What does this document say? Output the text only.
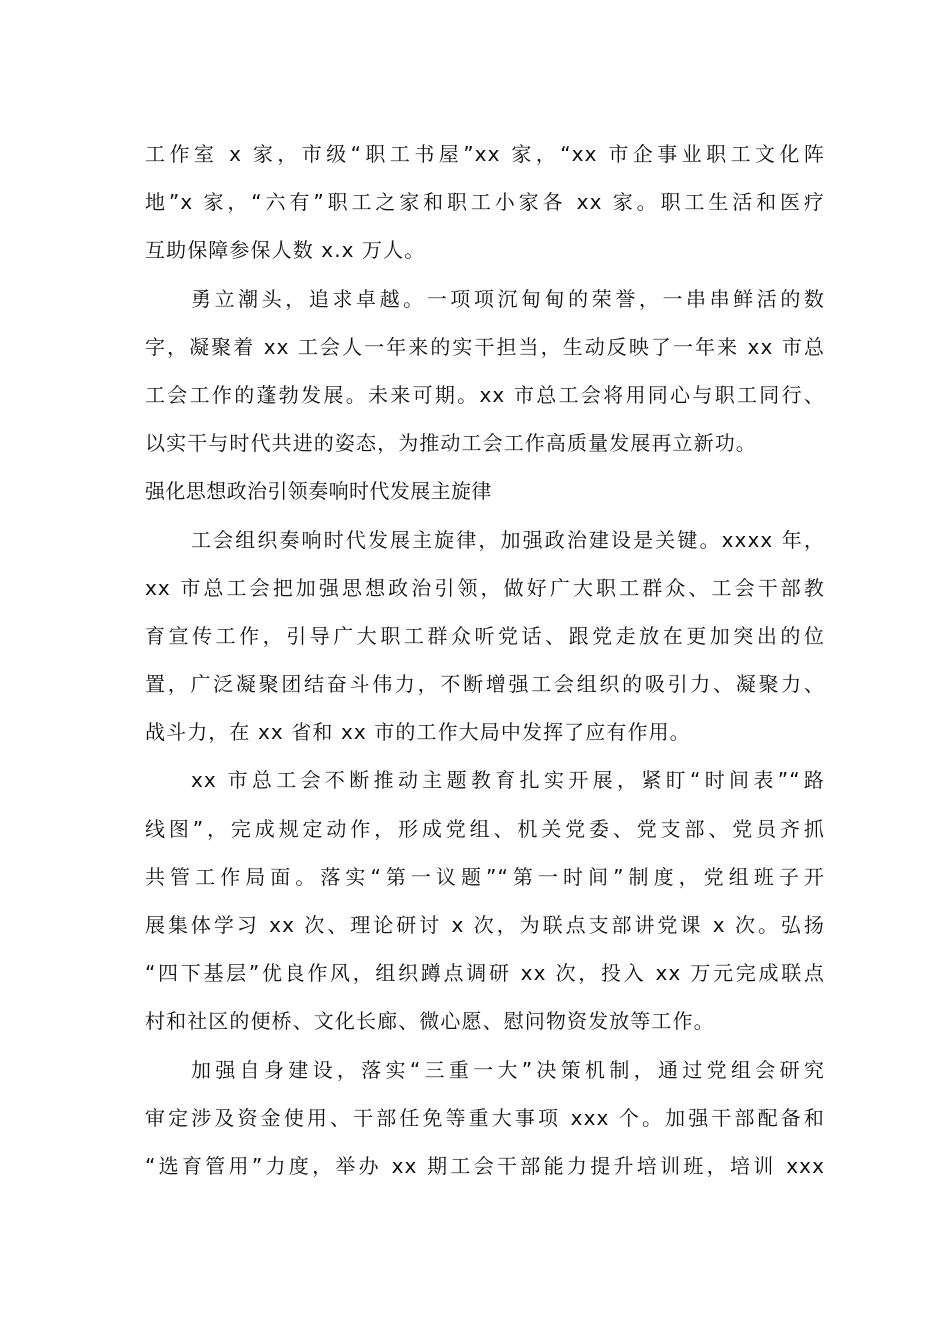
工作室 x 家，市级“职工书屋”xx 家，“xx 市企事业职工文化阵
地”x 家，“六有”职工之家和职工小家各 xx 家。职工生活和医疗
互助保障参保人数 x.x 万人。
勇立潮头，追求卓越。一项项沉甸甸的荣誉，一串串鲜活的数
字，凝聚着 xx 工会人一年来的实干担当，生动反映了一年来 xx 市总
工会工作的蓬勃发展。未来可期。xx 市总工会将用同心与职工同行、
以实干与时代共进的姿态，为推动工会工作高质量发展再立新功。
强化思想政治引领奏响时代发展主旋律
工会组织奏响时代发展主旋律，加强政治建设是关键。xxxx 年，
xx 市总工会把加强思想政治引领，做好广大职工群众、工会干部教
育宣传工作，引导广大职工群众听党话、跟党走放在更加突出的位
置，广泛凝聚团结奋斗伟力，不断增强工会组织的吸引力、凝聚力、
战斗力，在 xx 省和 xx 市的工作大局中发挥了应有作用。
xx 市总工会不断推动主题教育扎实开展，紧盯“时间表”“路
线图”，完成规定动作，形成党组、机关党委、党支部、党员齐抓
共管工作局面。落实“第一议题”“第一时间”制度，党组班子开
展集体学习 xx 次、理论研讨 x 次，为联点支部讲党课 x 次。弘扬
“四下基层”优良作风，组织蹲点调研 xx 次，投入 xx 万元完成联点
村和社区的便桥、文化长廊、微心愿、慰问物资发放等工作。
加强自身建设，落实“三重一大”决策机制，通过党组会研究
审定涉及资金使用、干部任免等重大事项 xxx 个。加强干部配备和
“选育管用”力度，举办 xx 期工会干部能力提升培训班，培训 xxx
